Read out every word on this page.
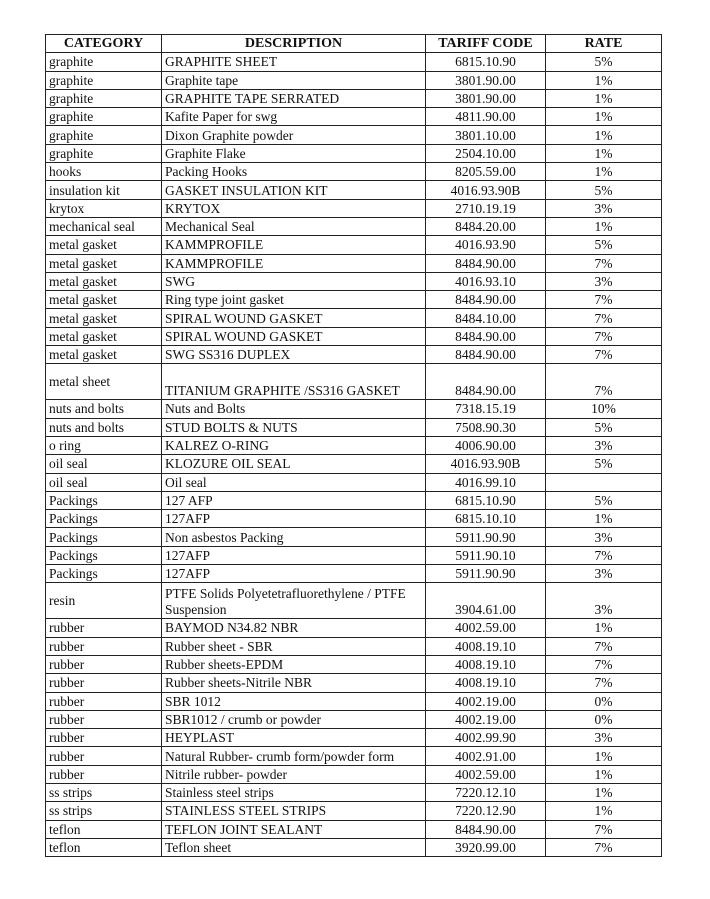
CATEGORY	DESCRIPTION	TARIFF CODE	RATE
graphite	GRAPHITE SHEET	6815.10.90	5%
graphite	Graphite tape	3801.90.00	1%
graphite	GRAPHITE TAPE SERRATED	3801.90.00	1%
graphite	Kafite Paper for swg	4811.90.00	1%
graphite	Dixon Graphite powder	3801.10.00	1%
graphite	Graphite Flake	2504.10.00	1%
hooks	Packing Hooks	8205.59.00	1%
insulation kit	GASKET INSULATION KIT	4016.93.90B	5%
krytox	KRYTOX	2710.19.19	3%
mechanical seal	Mechanical Seal	8484.20.00	1%
metal gasket	KAMMPROFILE	4016.93.90	5%
metal gasket	KAMMPROFILE	8484.90.00	7%
metal gasket	SWG	4016.93.10	3%
metal gasket	Ring type joint gasket	8484.90.00	7%
metal gasket	SPIRAL WOUND GASKET	8484.10.00	7%
metal gasket	SPIRAL WOUND GASKET	8484.90.00	7%
metal gasket	SWG SS316 DUPLEX	8484.90.00	7%
metal sheet	TITANIUM GRAPHITE /SS316 GASKET	8484.90.00	7%
nuts and bolts	Nuts and Bolts	7318.15.19	10%
nuts and bolts	STUD BOLTS & NUTS	7508.90.30	5%
o ring	KALREZ O-RING	4006.90.00	3%
oil seal	KLOZURE OIL SEAL	4016.93.90B	5%
oil seal	Oil seal	4016.99.10	
Packings	127 AFP	6815.10.90	5%
Packings	127AFP	6815.10.10	1%
Packings	Non asbestos Packing	5911.90.90	3%
Packings	127AFP	5911.90.10	7%
Packings	127AFP	5911.90.90	3%
resin	PTFE Solids Polyetetrafluorethylene / PTFE Suspension	3904.61.00	3%
rubber	BAYMOD N34.82 NBR	4002.59.00	1%
rubber	Rubber sheet - SBR	4008.19.10	7%
rubber	Rubber sheets-EPDM	4008.19.10	7%
rubber	Rubber sheets-Nitrile NBR	4008.19.10	7%
rubber	SBR 1012	4002.19.00	0%
rubber	SBR1012 / crumb or powder	4002.19.00	0%
rubber	HEYPLAST	4002.99.90	3%
rubber	Natural Rubber- crumb form/powder form	4002.91.00	1%
rubber	Nitrile rubber- powder	4002.59.00	1%
ss strips	Stainless steel strips	7220.12.10	1%
ss strips	STAINLESS STEEL STRIPS	7220.12.90	1%
teflon	TEFLON JOINT SEALANT	8484.90.00	7%
teflon	Teflon sheet	3920.99.00	7%
